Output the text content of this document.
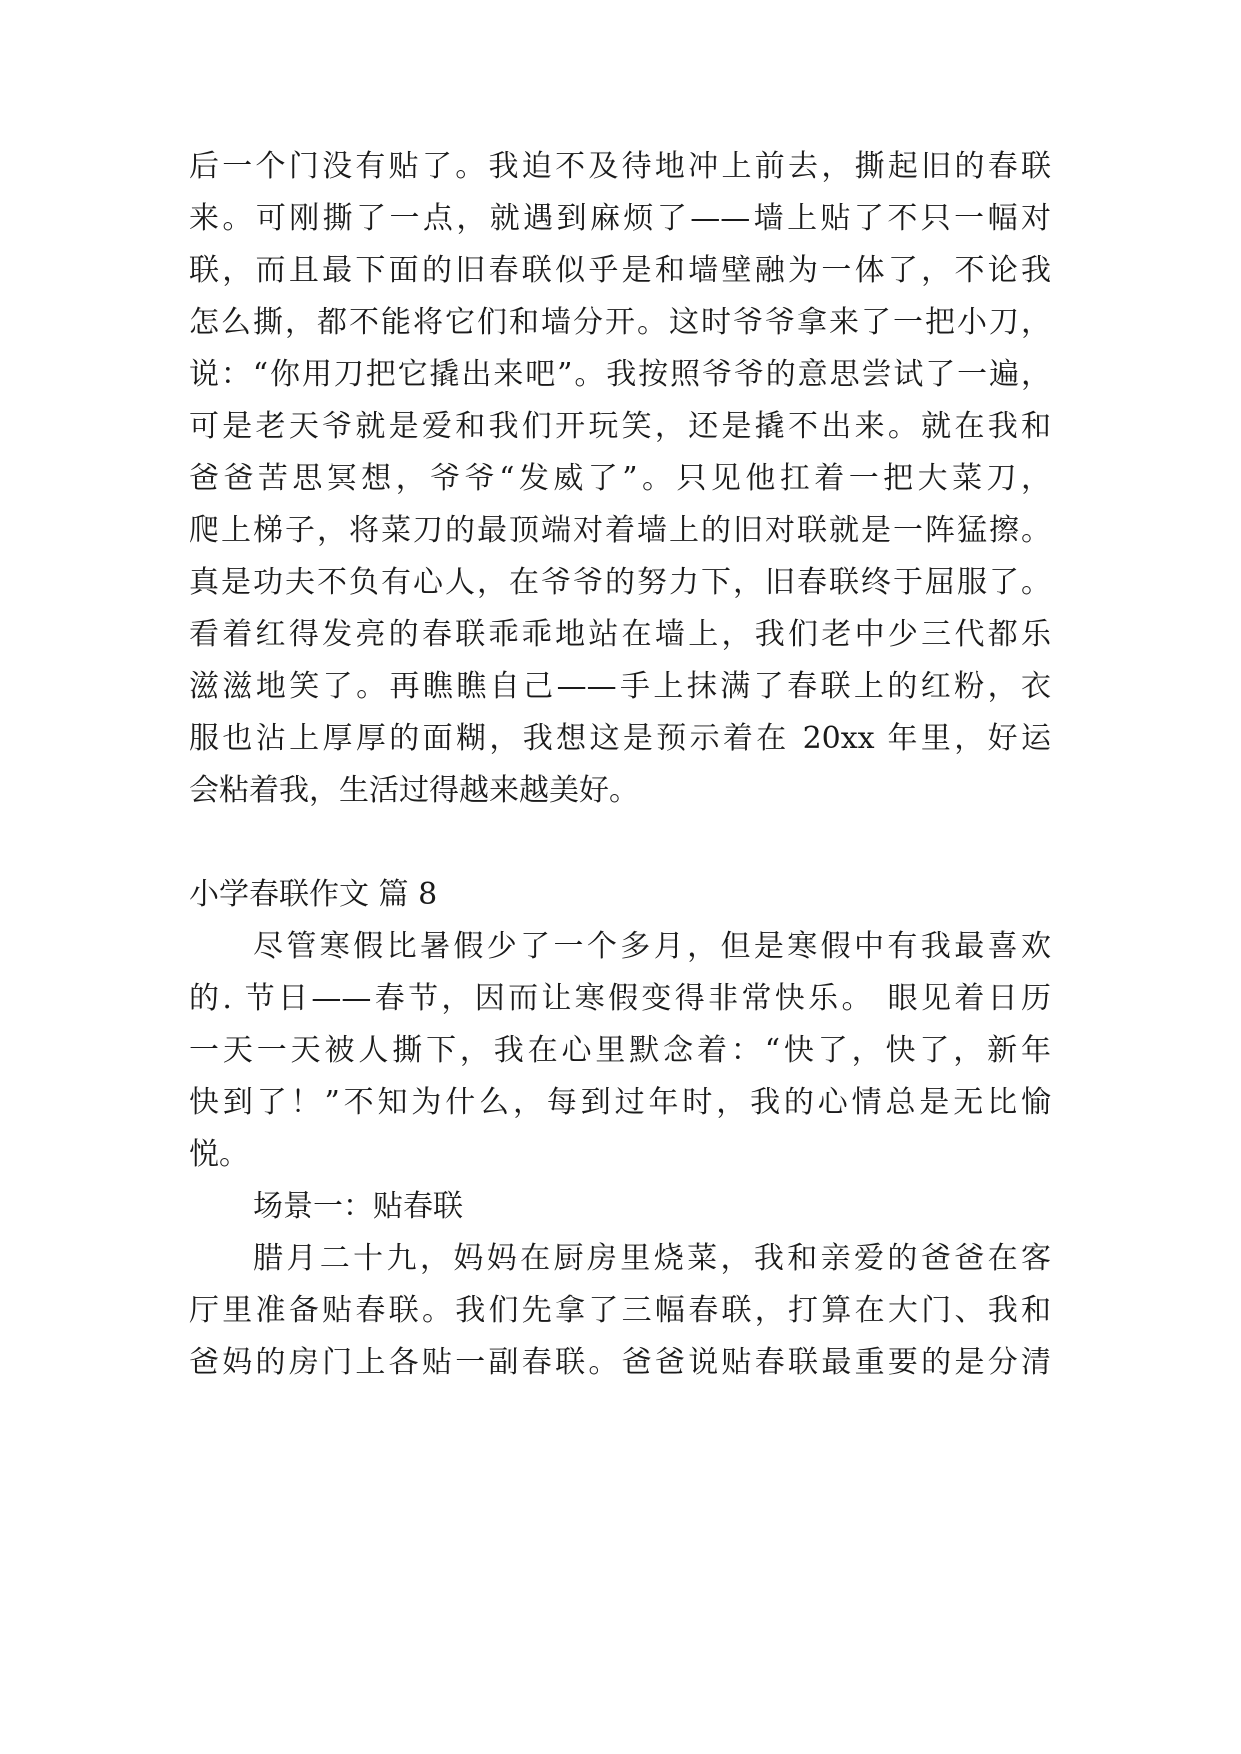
后一个门没有贴了。我迫不及待地冲上前去，撕起旧的春联
来。可刚撕了一点，就遇到麻烦了——墙上贴了不只一幅对
联，而且最下面的旧春联似乎是和墙壁融为一体了，不论我
怎么撕，都不能将它们和墙分开。这时爷爷拿来了一把小刀，
说：“你用刀把它撬出来吧”。我按照爷爷的意思尝试了一遍，
可是老天爷就是爱和我们开玩笑，还是撬不出来。就在我和
爸爸苦思冥想，爷爷“发威了”。只见他扛着一把大菜刀，
爬上梯子，将菜刀的最顶端对着墙上的旧对联就是一阵猛擦。
真是功夫不负有心人，在爷爷的努力下，旧春联终于屈服了。
看着红得发亮的春联乖乖地站在墙上，我们老中少三代都乐
滋滋地笑了。再瞧瞧自己——手上抹满了春联上的红粉，衣
服也沾上厚厚的面糊，我想这是预示着在 20xx 年里，好运
会粘着我，生活过得越来越美好。
小学春联作文 篇 8
尽管寒假比暑假少了一个多月，但是寒假中有我最喜欢
的. 节日——春节，因而让寒假变得非常快乐。 眼见着日历
一天一天被人撕下，我在心里默念着：“快了，快了，新年
快到了！”不知为什么，每到过年时，我的心情总是无比愉
悦。
场景一：贴春联
腊月二十九，妈妈在厨房里烧菜，我和亲爱的爸爸在客
厅里准备贴春联。我们先拿了三幅春联，打算在大门、我和
爸妈的房门上各贴一副春联。爸爸说贴春联最重要的是分清
